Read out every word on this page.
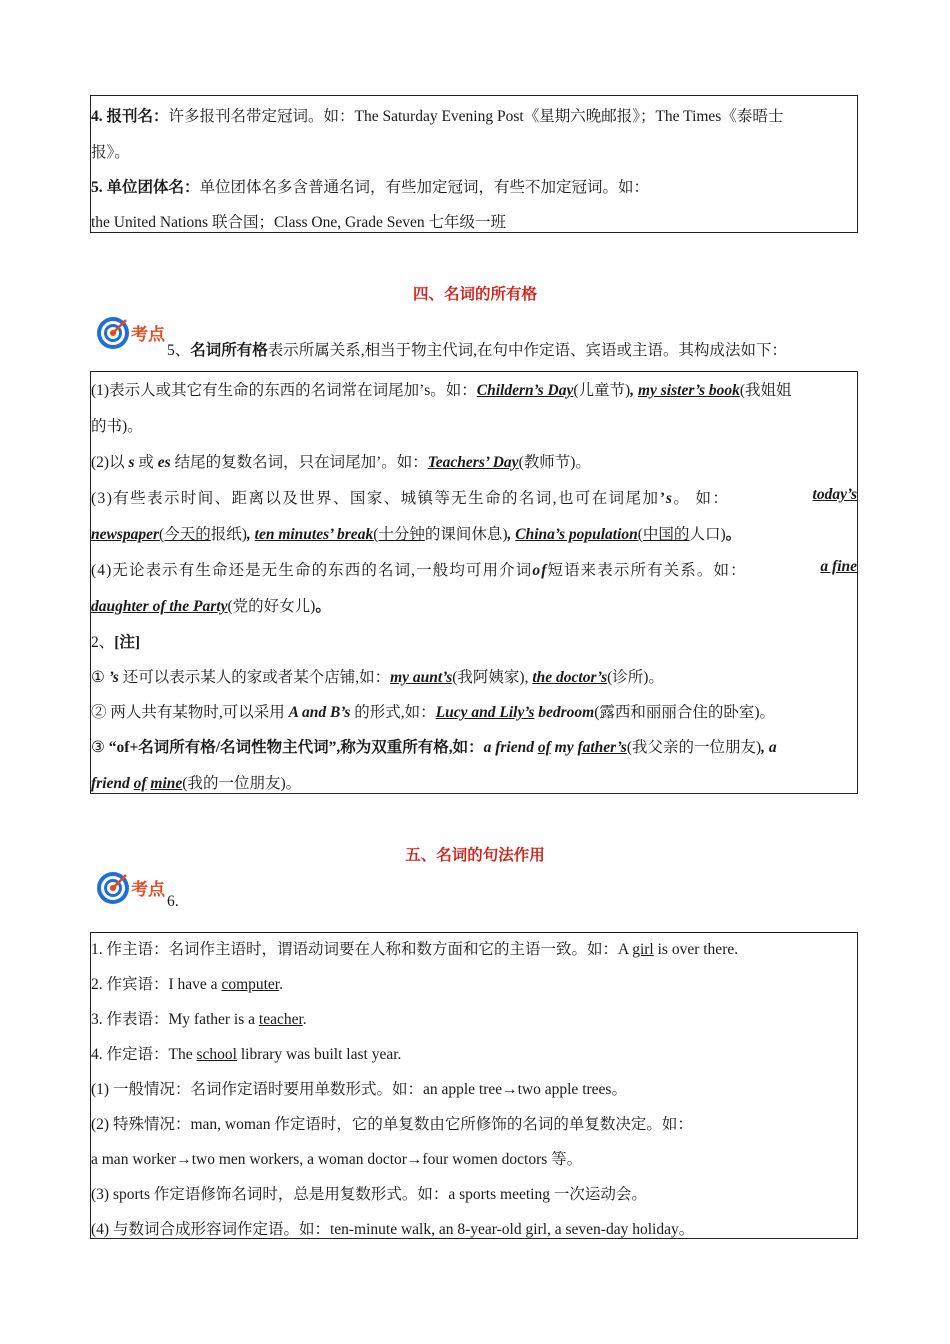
4. 报刊名：许多报刊名带定冠词。如：The Saturday Evening Post《星期六晚邮报》；The Times《泰晤士
报》。
5. 单位团体名：单位团体名多含普通名词，有些加定冠词，有些不加定冠词。如：
the United Nations 联合国；Class One, Grade Seven 七年级一班
四、名词的所有格
考点
5、名词所有格表示所属关系,相当于物主代词,在句中作定语、宾语或主语。其构成法如下：
(1)表示人或其它有生命的东西的名词常在词尾加’s。如：Childern’s Day(儿童节), my sister’s book(我姐姐
的书)。
(2)以 s 或 es 结尾的复数名词，只在词尾加’。如：Teachers’ Day(教师节)。
(3)有些表示时间、距离以及世界、国家、城镇等无生命的名词,也可在词尾加’s。 如：	today’s
newspaper(今天的报纸), ten minutes’ break(十分钟的课间休息), China’s population(中国的人口)。
(4)无论表示有生命还是无生命的东西的名词,一般均可用介词of短语来表示所有关系。如：	a fine
daughter of the Party(党的好女儿)。
2、[注]
① ’s 还可以表示某人的家或者某个店铺,如：my aunt’s(我阿姨家), the doctor’s(诊所)。
② 两人共有某物时,可以采用 A and B’s 的形式,如：Lucy and Lily’s bedroom(露西和丽丽合住的卧室)。
③ “of+名词所有格/名词性物主代词”,称为双重所有格,如：a friend of my father’s(我父亲的一位朋友), a
friend of mine(我的一位朋友)。
五、名词的句法作用
考点
6.
1. 作主语：名词作主语时，谓语动词要在人称和数方面和它的主语一致。如：A girl is over there.
2. 作宾语：I have a computer.
3. 作表语：My father is a teacher.
4. 作定语：The school library was built last year.
(1) 一般情况：名词作定语时要用单数形式。如：an apple tree→two apple trees。
(2) 特殊情况：man, woman 作定语时，它的单复数由它所修饰的名词的单复数决定。如：
a man worker→two men workers, a woman doctor→four women doctors 等。
(3) sports 作定语修饰名词时，总是用复数形式。如：a sports meeting 一次运动会。
(4) 与数词合成形容词作定语。如：ten-minute walk, an 8-year-old girl, a seven-day holiday。
